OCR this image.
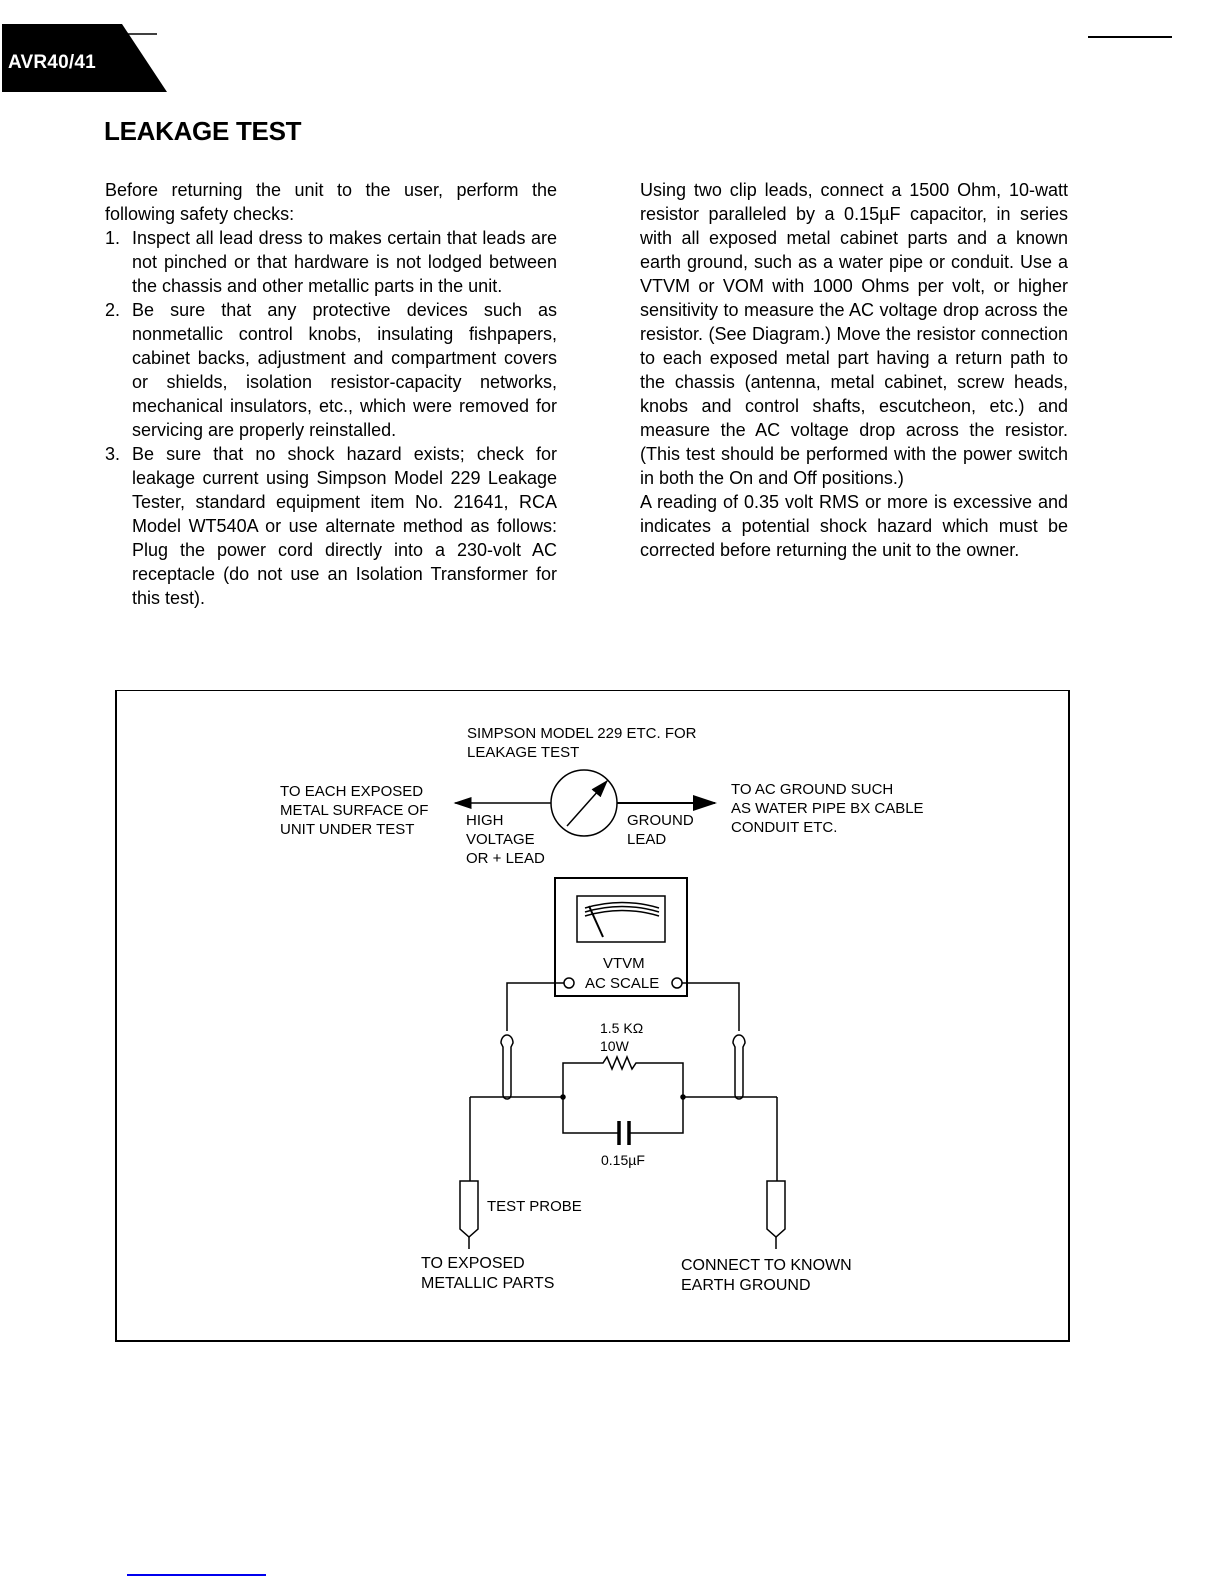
AVR40/41
LEAKAGE TEST

Before returning the unit to the user, perform the following safety checks:

1. Inspect all lead dress to makes certain that leads are not pinched or that hardware is not lodged between the chassis and other metallic parts in the unit.
2. Be sure that any protective devices such as nonmetallic control knobs, insulating fishpapers, cabinet backs, adjustment and compartment covers or shields, isolation resistor-capacity networks, mechanical insulators, etc., which were removed for servicing are properly reinstalled.
3. Be sure that no shock hazard exists; check for leakage current using Simpson Model 229 Leakage Tester, standard equipment item No. 21641, RCA Model WT540A or use alternate method as follows: Plug the power cord directly into a 230-volt AC receptacle (do not use an Isolation Transformer for this test).

Using two clip leads, connect a 1500 Ohm, 10-watt resistor paralleled by a 0.15µF capacitor, in series with all exposed metal cabinet parts and a known earth ground, such as a water pipe or conduit. Use a VTVM or VOM with 1000 Ohms per volt, or higher sensitivity to measure the AC voltage drop across the resistor. (See Diagram.) Move the resistor connection to each exposed metal part having a return path to the chassis (antenna, metal cabinet, screw heads, knobs and control shafts, escutcheon, etc.) and measure the AC voltage drop across the resistor. (This test should be performed with the power switch in both the On and Off positions.)

A reading of 0.35 volt RMS or more is excessive and indicates a potential shock hazard which must be corrected before returning the unit to the owner.

SIMPSON MODEL 229 ETC. FOR
LEAKAGE TEST
TO EACH EXPOSED
METAL SURFACE OF
UNIT UNDER TEST
HIGH
VOLTAGE
OR + LEAD
GROUND
LEAD
TO AC GROUND SUCH
AS WATER PIPE BX CABLE
CONDUIT ETC.
VTVM
AC SCALE
1.5 KΩ
10W
0.15µF
TEST PROBE
TO EXPOSED
METALLIC PARTS
CONNECT TO KNOWN
EARTH GROUND
